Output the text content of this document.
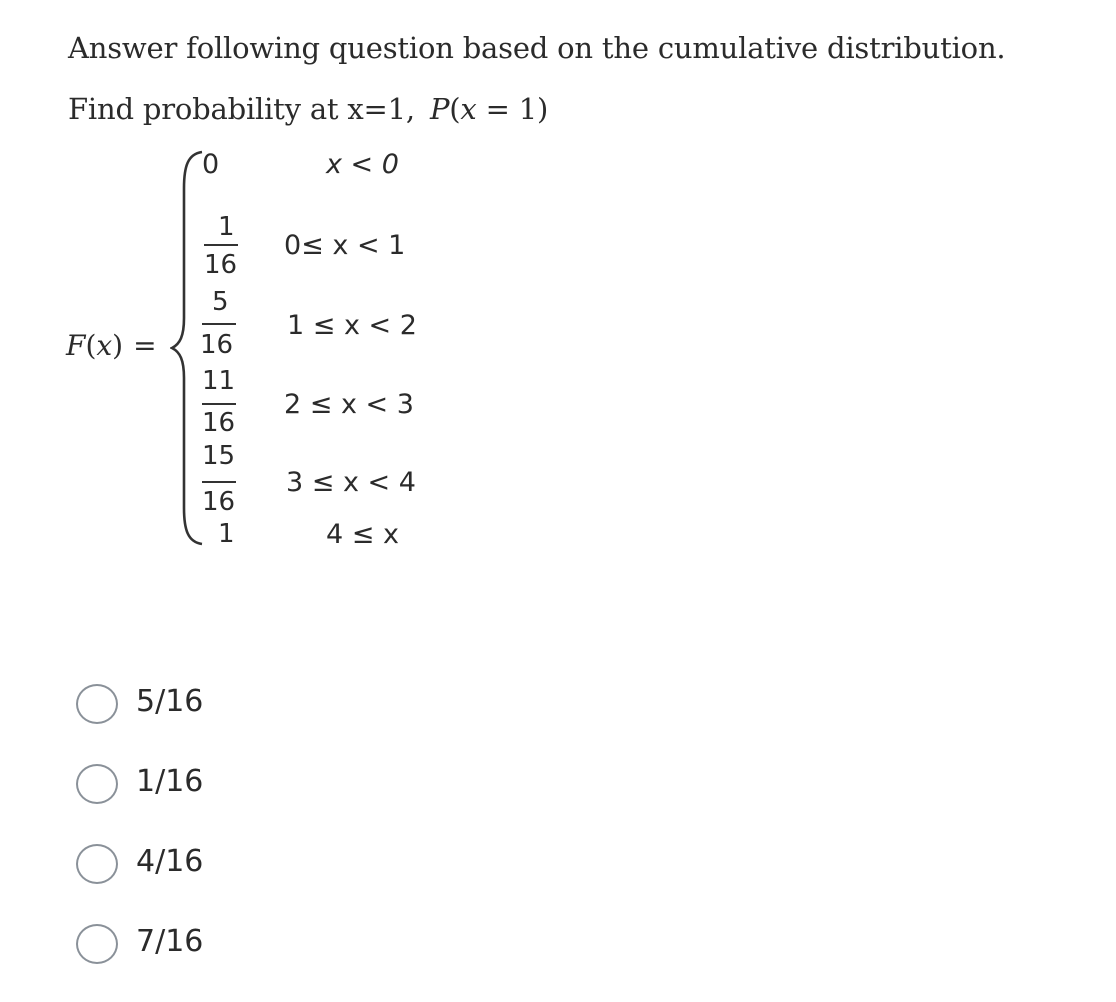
Answer following question based on the cumulative distribution.
Find probability at x=1, P(x = 1)
F(x) =
0	x < 0
1
16
0≤ x < 1
5
16
1 ≤ x < 2
11
16
2 ≤ x < 3
15
16
3 ≤ x < 4
1	4 ≤ x
5/16
1/16
4/16
7/16
